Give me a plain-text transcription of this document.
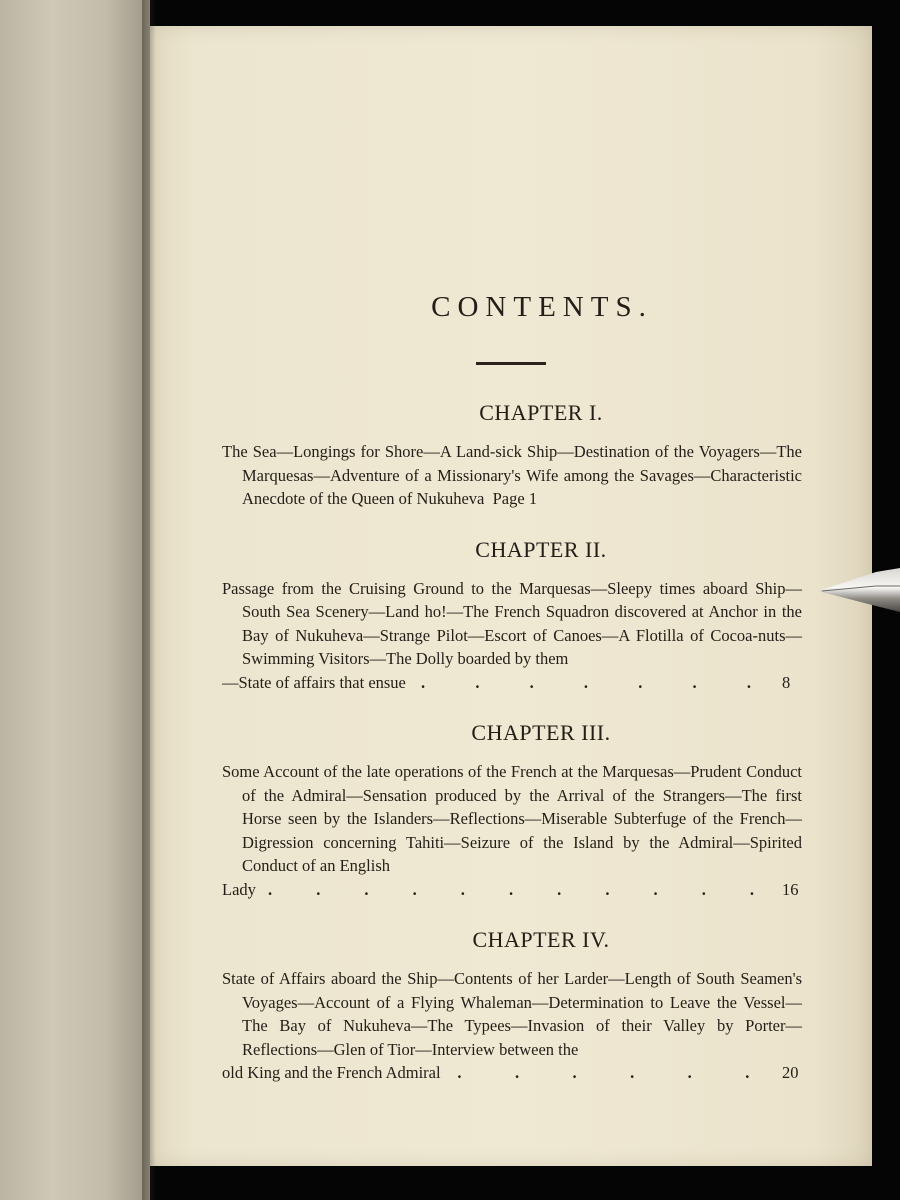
CONTENTS.
CHAPTER I.

The Sea—Longings for Shore—A Land-sick Ship—Destination of the Voyagers—The Marquesas—Adventure of a Missionary's Wife among the Savages—Characteristic Anecdote of the Queen of Nukuheva Page 1

CHAPTER II.
Passage from the Cruising Ground to the Marquesas—Sleepy times aboard Ship—South Sea Scenery—Land ho!—The French Squadron discovered at Anchor in the Bay of Nukuheva—Strange Pilot—Escort of Canoes—A Flotilla of Cocoa-nuts—Swimming Visitors—The Dolly boarded by them
—State of affairs that ensue .	.	.	.	.	.	.	8
CHAPTER III.
Some Account of the late operations of the French at the Marquesas—Prudent Conduct of the Admiral—Sensation produced by the Arrival of the Strangers—The first Horse seen by the Islanders—Reflections—Miserable Subterfuge of the French—Digression concerning Tahiti—Seizure of the Island by the Admiral—Spirited Conduct of an English
Lady .	.	.	.	.	.	.	.	.	.	.	16
CHAPTER IV.
State of Affairs aboard the Ship—Contents of her Larder—Length of South Seamen's Voyages—Account of a Flying Whaleman—Determination to Leave the Vessel—The Bay of Nukuheva—The Typees—Invasion of their Valley by Porter—Reflections—Glen of Tior—Interview between the
old King and the French Admiral .	.	.	.	.	.	20
